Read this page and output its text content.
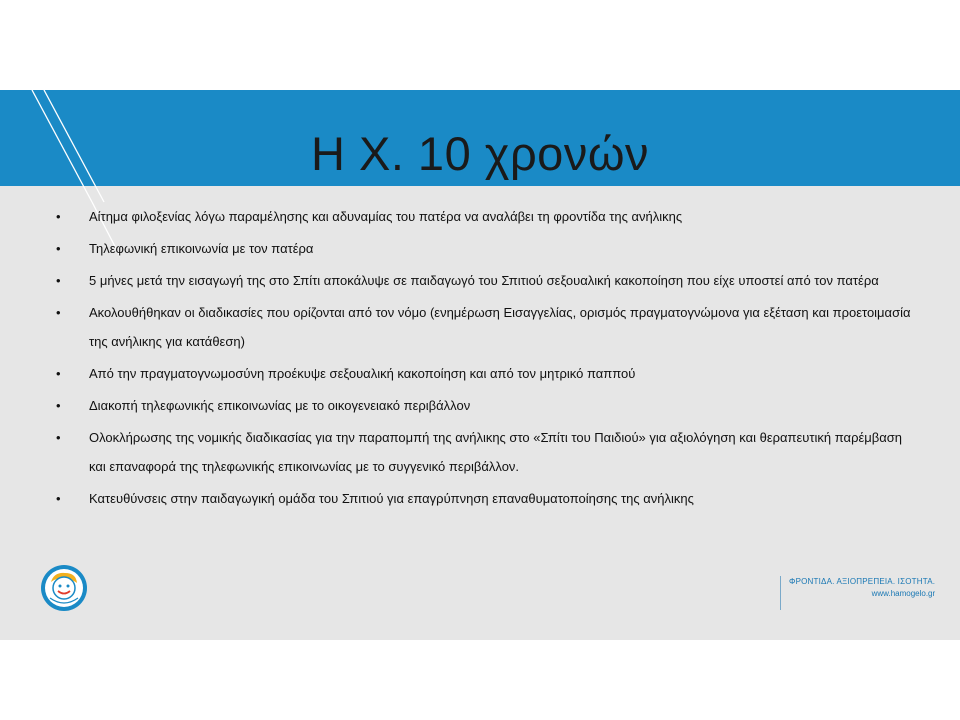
Η Χ. 10 χρονών
• Αίτημα φιλοξενίας λόγω παραμέλησης και αδυναμίας του πατέρα να αναλάβει τη φροντίδα της ανήλικης
• Τηλεφωνική επικοινωνία με τον πατέρα
• 5 μήνες μετά την εισαγωγή της στο Σπίτι αποκάλυψε σε παιδαγωγό του Σπιτιού σεξουαλική κακοποίηση που είχε υποστεί από τον πατέρα
• Ακολουθήθηκαν οι διαδικασίες που ορίζονται από τον νόμο (ενημέρωση Εισαγγελίας, ορισμός πραγματογνώμονα για εξέταση και προετοιμασία της ανήλικης για κατάθεση)
• Από την πραγματογνωμοσύνη προέκυψε σεξουαλική κακοποίηση και από τον μητρικό παππού
• Διακοπή τηλεφωνικής επικοινωνίας με το οικογενειακό περιβάλλον
• Ολοκλήρωσης της νομικής διαδικασίας για την παραπομπή της ανήλικης στο «Σπίτι του Παιδιού» για αξιολόγηση και θεραπευτική παρέμβαση και επαναφορά της τηλεφωνικής επικοινωνίας με το συγγενικό περιβάλλον.
• Κατευθύνσεις στην παιδαγωγική ομάδα του Σπιτιού για επαγρύπνηση επαναθυματοποίησης της ανήλικης
ΦΡΟΝΤΙΔΑ. ΑΞΙΟΠΡΕΠΕΙΑ. ΙΣΟΤΗΤΑ.
www.hamogelo.gr
